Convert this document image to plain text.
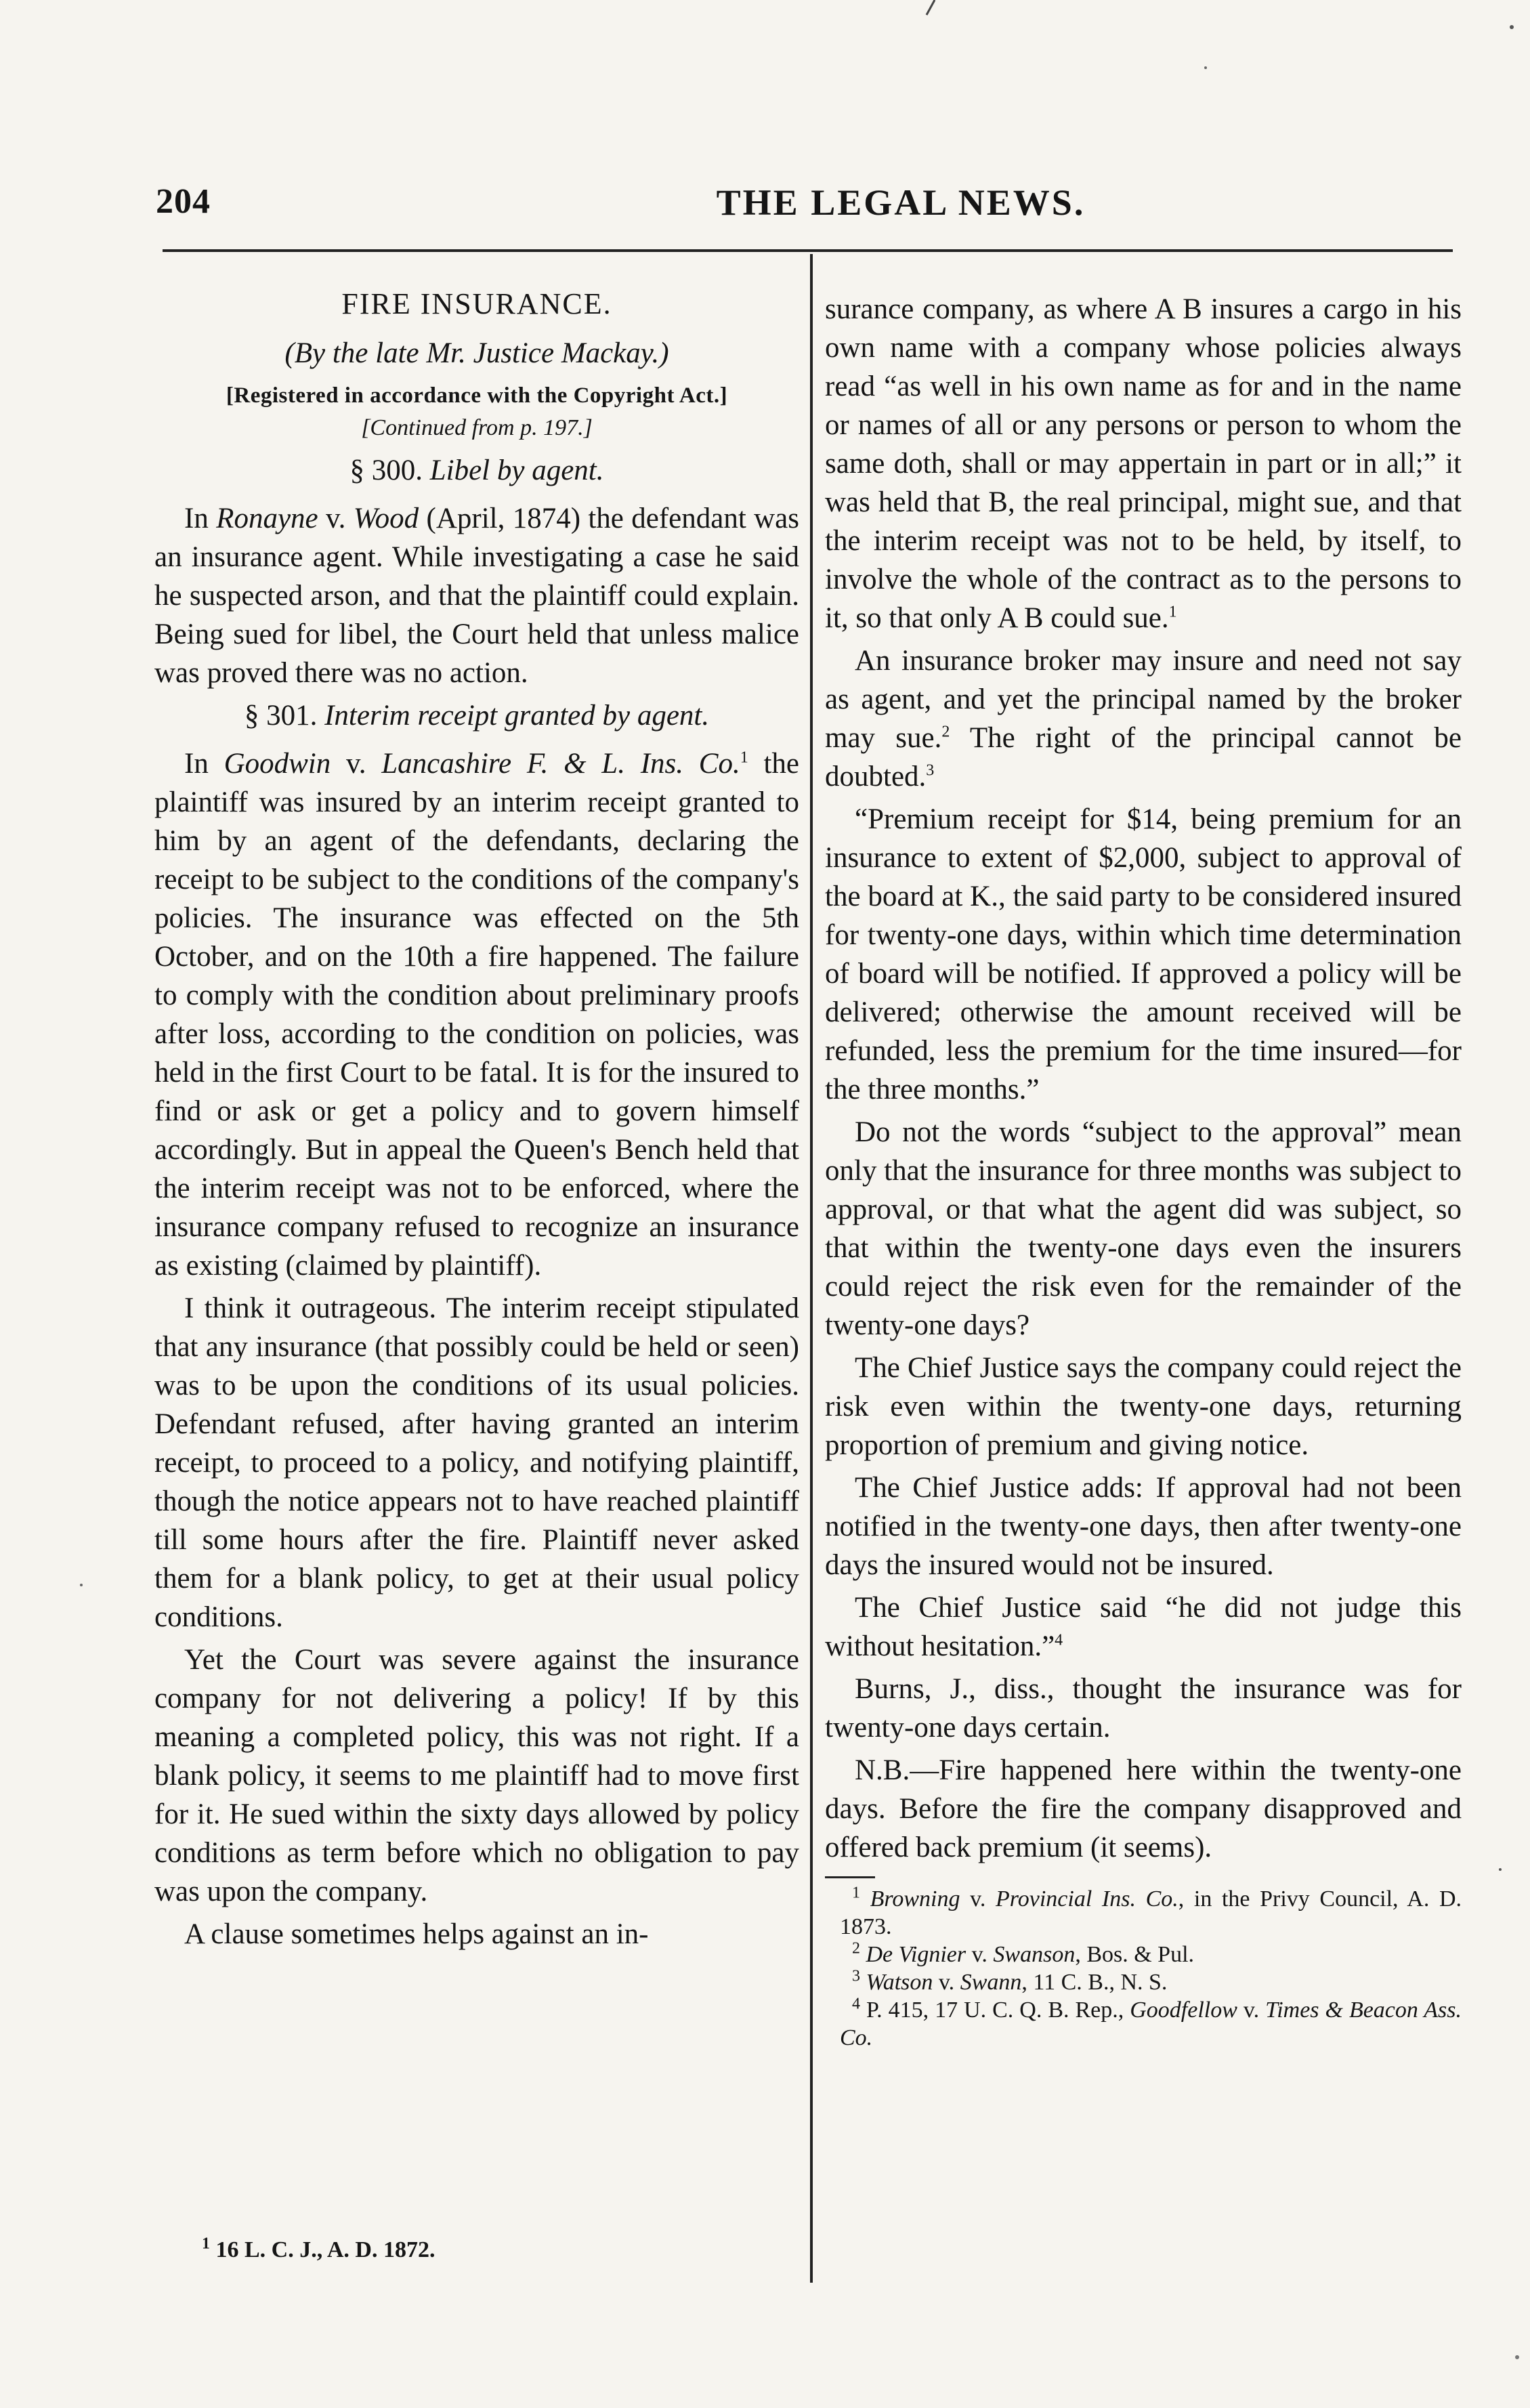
204	THE LEGAL NEWS.

FIRE INSURANCE.

(By the late Mr. Justice Mackay.)

[Registered in accordance with the Copyright Act.]

[Continued from p. 197.]

§ 300. Libel by agent.

In Ronayne v. Wood (April, 1874) the defendant was an insurance agent. While investigating a case he said he suspected arson, and that the plaintiff could explain. Being sued for libel, the Court held that unless malice was proved there was no action.

§ 301. Interim receipt granted by agent.

In Goodwin v. Lancashire F. & L. Ins. Co.$^1$ the plaintiff was insured by an interim receipt granted to him by an agent of the defendants, declaring the receipt to be subject to the conditions of the company's policies. The insurance was effected on the 5th October, and on the 10th a fire happened. The failure to comply with the condition about preliminary proofs after loss, according to the condition on policies, was held in the first Court to be fatal. It is for the insured to find or ask or get a policy and to govern himself accordingly. But in appeal the Queen's Bench held that the interim receipt was not to be enforced, where the insurance company refused to recognize an insurance as existing (claimed by plaintiff).

I think it outrageous. The interim receipt stipulated that any insurance (that possibly could be held or seen) was to be upon the conditions of its usual policies. Defendant refused, after having granted an interim receipt, to proceed to a policy, and notifying plaintiff, though the notice appears not to have reached plaintiff till some hours after the fire. Plaintiff never asked them for a blank policy, to get at their usual policy conditions.

Yet the Court was severe against the insurance company for not delivering a policy! If by this meaning a completed policy, this was not right. If a blank policy, it seems to me plaintiff had to move first for it. He sued within the sixty days allowed by policy conditions as term before which no obligation to pay was upon the company.

A clause sometimes helps against an in-

$^1$ 16 L. C. J., A. D. 1872.

surance company, as where A B insures a cargo in his own name with a company whose policies always read “as well in his own name as for and in the name or names of all or any persons or person to whom the same doth, shall or may appertain in part or in all;” it was held that B, the real principal, might sue, and that the interim receipt was not to be held, by itself, to involve the whole of the contract as to the persons to it, so that only A B could sue.$^1$

An insurance broker may insure and need not say as agent, and yet the principal named by the broker may sue.$^2$ The right of the principal cannot be doubted.$^3$

“Premium receipt for $14, being premium for an insurance to extent of $2,000, subject to approval of the board at K., the said party to be considered insured for twenty-one days, within which time determination of board will be notified. If approved a policy will be delivered; otherwise the amount received will be refunded, less the premium for the time insured—for the three months.”

Do not the words “subject to the approval” mean only that the insurance for three months was subject to approval, or that what the agent did was subject, so that within the twenty-one days even the insurers could reject the risk even for the remainder of the twenty-one days?

The Chief Justice says the company could reject the risk even within the twenty-one days, returning proportion of premium and giving notice.

The Chief Justice adds: If approval had not been notified in the twenty-one days, then after twenty-one days the insured would not be insured.

The Chief Justice said “he did not judge this without hesitation.”$^4$

Burns, J., diss., thought the insurance was for twenty-one days certain.

N.B.—Fire happened here within the twenty-one days. Before the fire the company disapproved and offered back premium (it seems).

$^1$ Browning v. Provincial Ins. Co., in the Privy Council, A. D. 1873.
$^2$ De Vignier v. Swanson, Bos. & Pul.
$^3$ Watson v. Swann, 11 C. B., N. S.
$^4$ P. 415, 17 U. C. Q. B. Rep., Goodfellow v. Times & Beacon Ass. Co.
